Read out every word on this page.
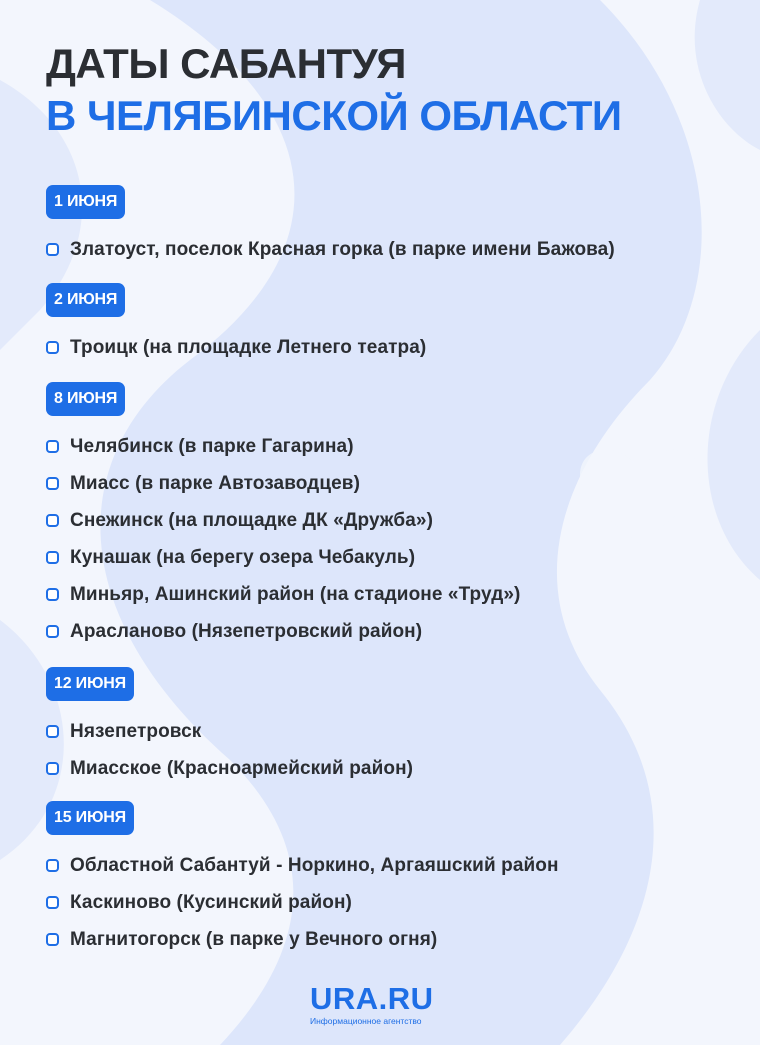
ДАТЫ САБАНТУЯ
В ЧЕЛЯБИНСКОЙ ОБЛАСТИ
1 ИЮНЯ
Златоуст, поселок Красная горка (в парке имени Бажова)
2 ИЮНЯ
Троицк (на площадке Летнего театра)
8 ИЮНЯ
Челябинск (в парке Гагарина)
Миасс (в парке Автозаводцев)
Снежинск (на площадке ДК «Дружба»)
Кунашак (на берегу озера Чебакуль)
Миньяр, Ашинский район (на стадионе «Труд»)
Арасланово (Нязепетровский район)
12 ИЮНЯ
Нязепетровск
Миасское (Красноармейский район)
15 ИЮНЯ
Областной Сабантуй - Норкино, Аргаяшский район
Каскиново (Кусинский район)
Магнитогорск (в парке у Вечного огня)
URA.RU
Информационное агентство
